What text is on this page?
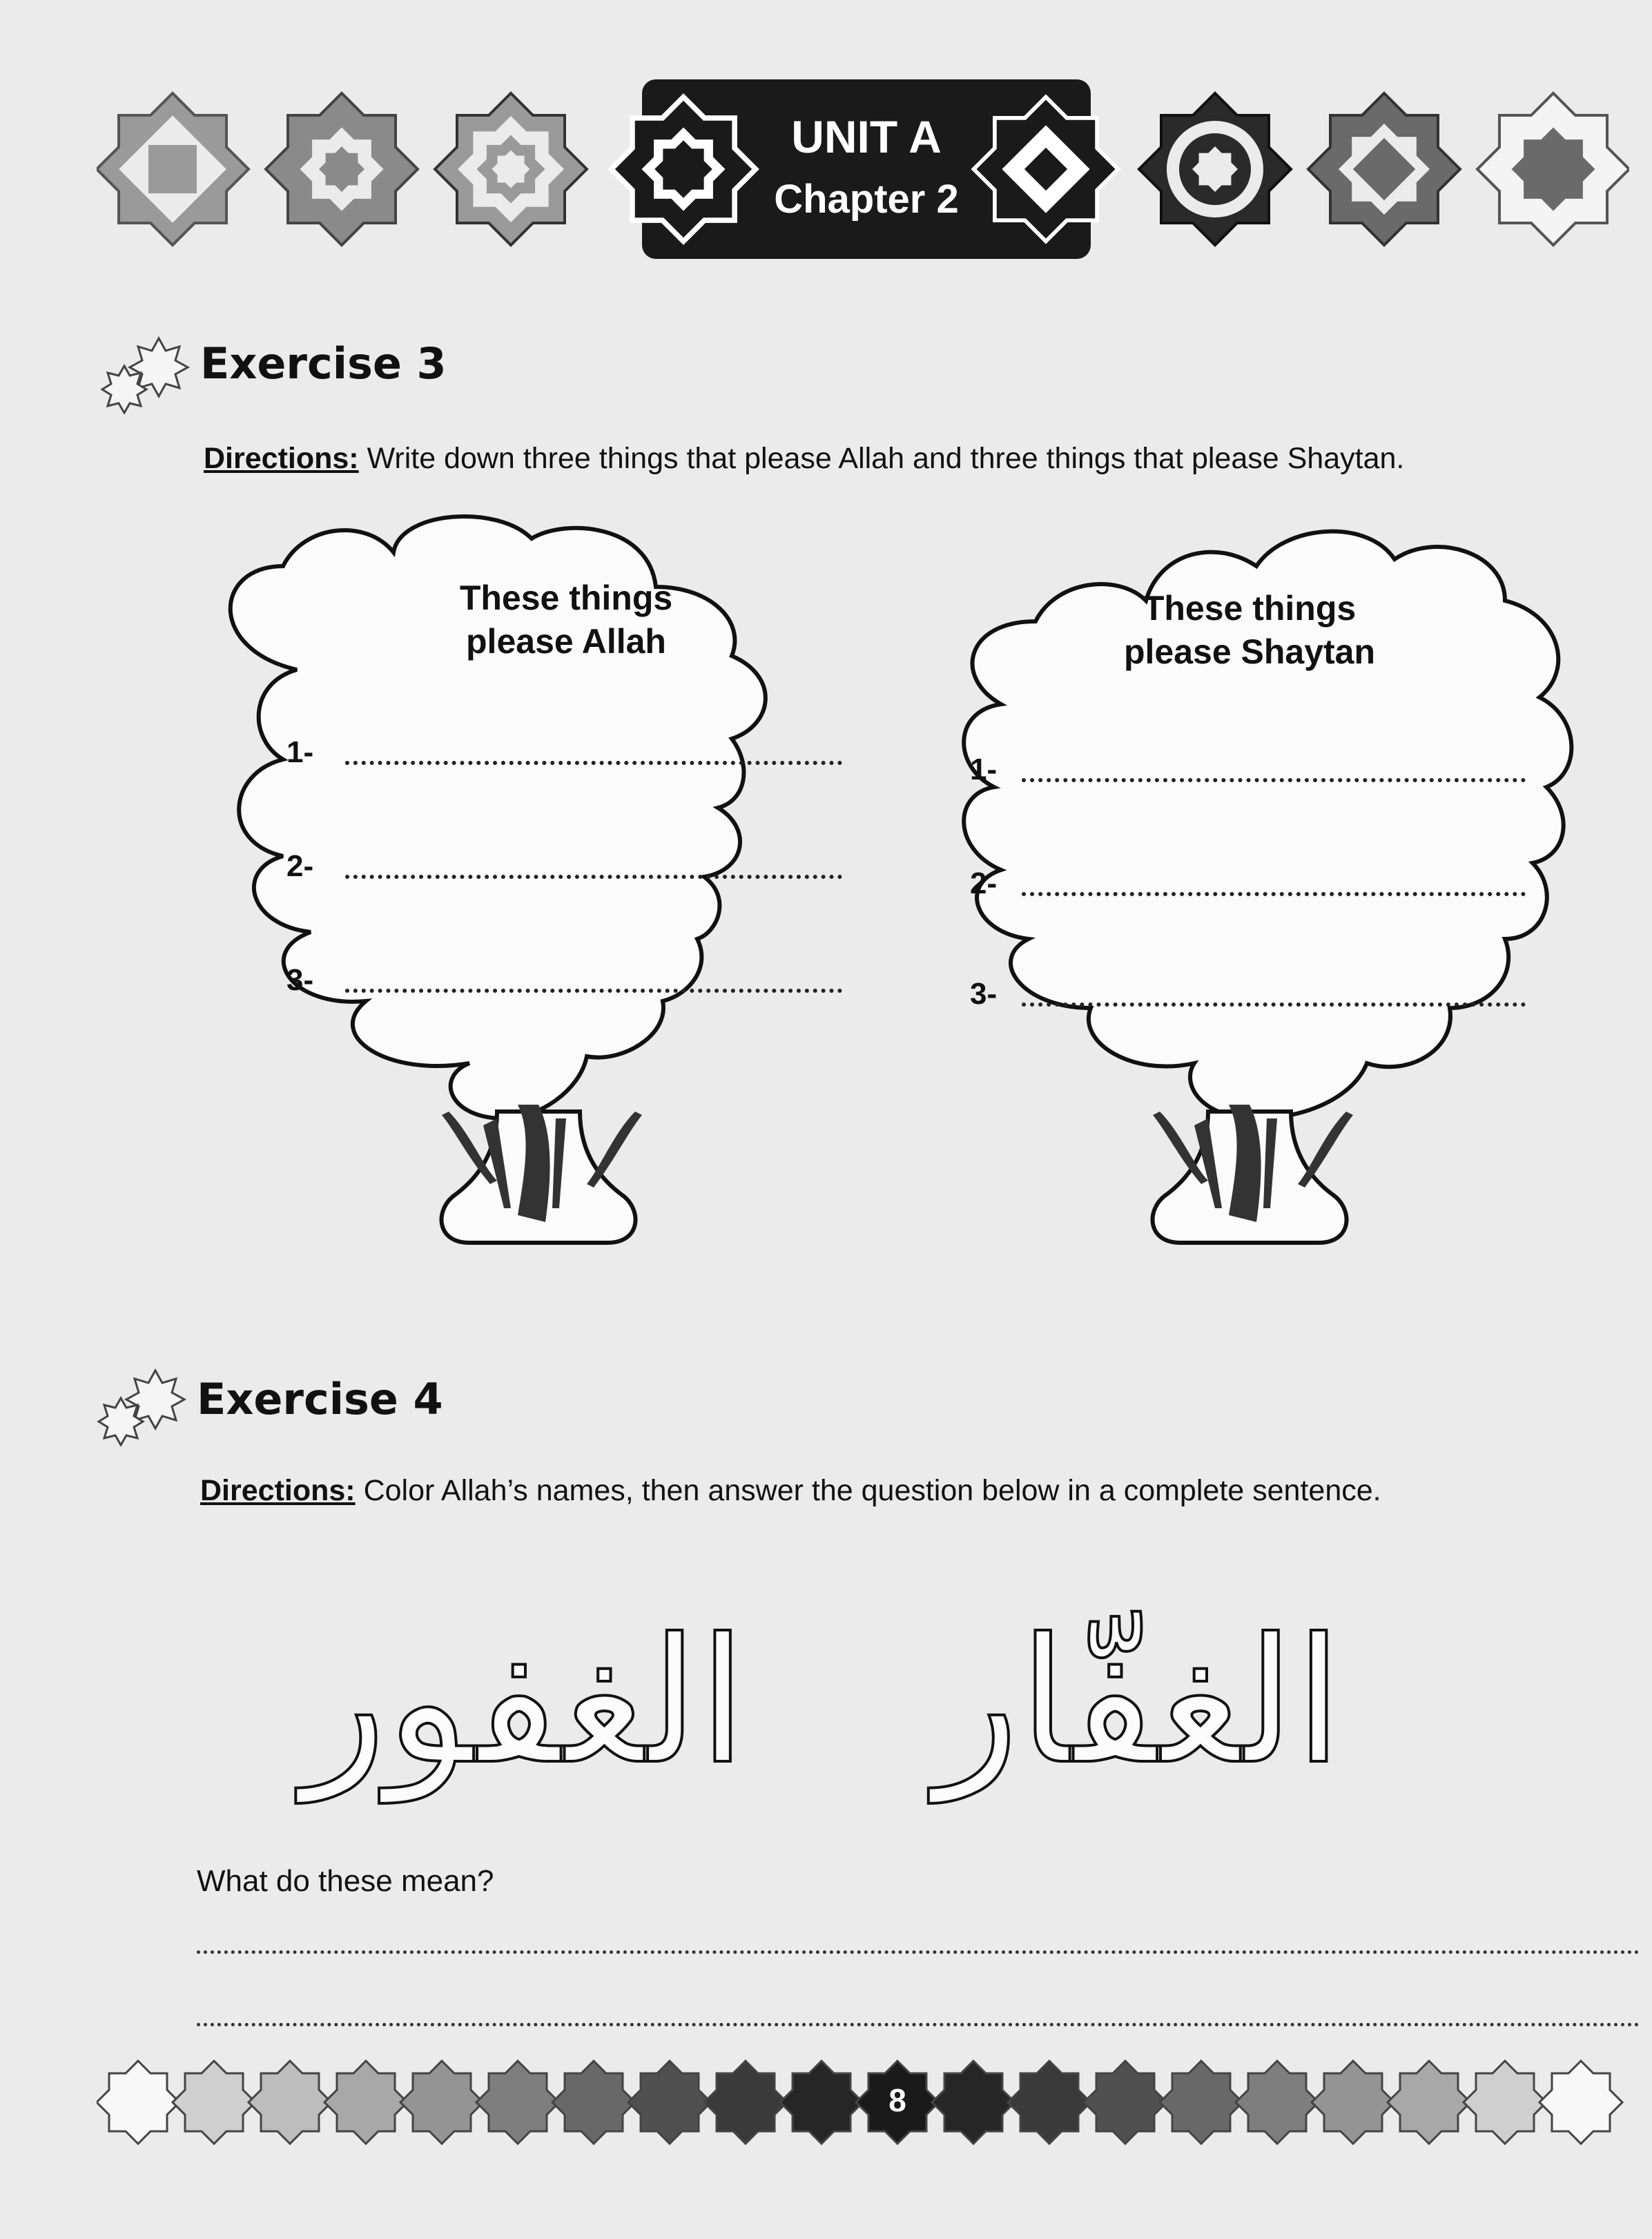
UNIT A
Chapter 2
Exercise 3
Directions: Write down three things that please Allah and three things that please Shaytan.
These things
please Allah
1-
2-
3-
These things
please Shaytan
1-
2-
3-
Exercise 4
Directions: Color Allah’s names, then answer the question below in a complete sentence.
الغفور الغفّار
What do these mean?
8
